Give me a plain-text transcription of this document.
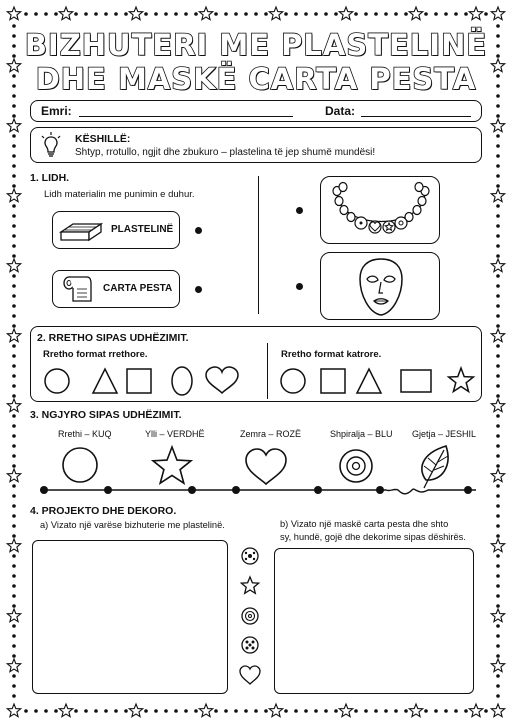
BIZHUTERI ME PLASTELINË
DHE MASKË CARTA PESTA
Emri:	Data:
KËSHILLË:
Shtyp, rrotullo, ngjit dhe zbukuro – plastelina të jep shumë mundësi!
1. LIDH.
Lidh materialin me punimin e duhur.
PLASTELINË
CARTA PESTA
2. RRETHO SIPAS UDHËZIMIT.
Rretho format rrethore.	Rretho format katrore.
3. NGJYRO SIPAS UDHËZIMIT.
Rrethi – KUQ	Ylli – VERDHË	Zemra – ROZË	Shpiralja – BLU Gjetja – JESHIL
4. PROJEKTO DHE DEKORO.
a) Vizato një varëse bizhuterie me plastelinë.	b) Vizato një maskë carta pesta dhe shto
sy, hundë, gojë dhe dekorime sipas dëshirës.
